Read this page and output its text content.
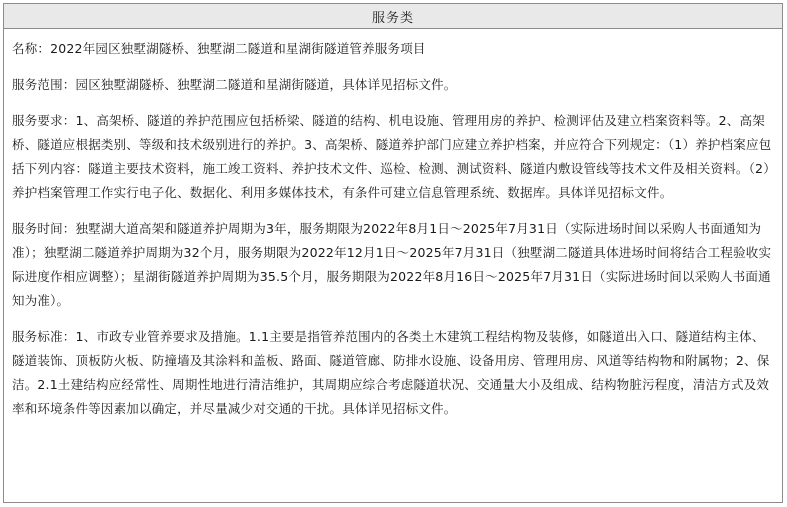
服务类

名称：2022年园区独墅湖隧桥、独墅湖二隧道和星湖街隧道管养服务项目

服务范围：园区独墅湖隧桥、独墅湖二隧道和星湖街隧道，具体详见招标文件。

服务要求：1、高架桥、隧道的养护范围应包括桥梁、隧道的结构、机电设施、管理用房的养护、检测评估及建立档案资料等。2、高架桥、隧道应根据类别、等级和技术级别进行的养护。3、高架桥、隧道养护部门应建立养护档案，并应符合下列规定：（1）养护档案应包括下列内容：隧道主要技术资料，施工竣工资料、养护技术文件、巡检、检测、测试资料、隧道内敷设管线等技术文件及相关资料。（2）养护档案管理工作实行电子化、数据化、利用多媒体技术，有条件可建立信息管理系统、数据库。具体详见招标文件。

服务时间：独墅湖大道高架和隧道养护周期为3年，服务期限为2022年8月1日～2025年7月31日（实际进场时间以采购人书面通知为准）；独墅湖二隧道养护周期为32个月，服务期限为2022年12月1日～2025年7月31日（独墅湖二隧道具体进场时间将结合工程验收实际进度作相应调整）；星湖街隧道养护周期为35.5个月，服务期限为2022年8月16日～2025年7月31日（实际进场时间以采购人书面通知为准）。

服务标准：1、市政专业管养要求及措施。1.1主要是指管养范围内的各类土木建筑工程结构物及装修，如隧道出入口、隧道结构主体、隧道装饰、顶板防火板、防撞墙及其涂料和盖板、路面、隧道管廊、防排水设施、设备用房、管理用房、风道等结构物和附属物；2、保洁。2.1土建结构应经常性、周期性地进行清洁维护，其周期应综合考虑隧道状况、交通量大小及组成、结构物脏污程度，清洁方式及效率和环境条件等因素加以确定，并尽量减少对交通的干扰。具体详见招标文件。
